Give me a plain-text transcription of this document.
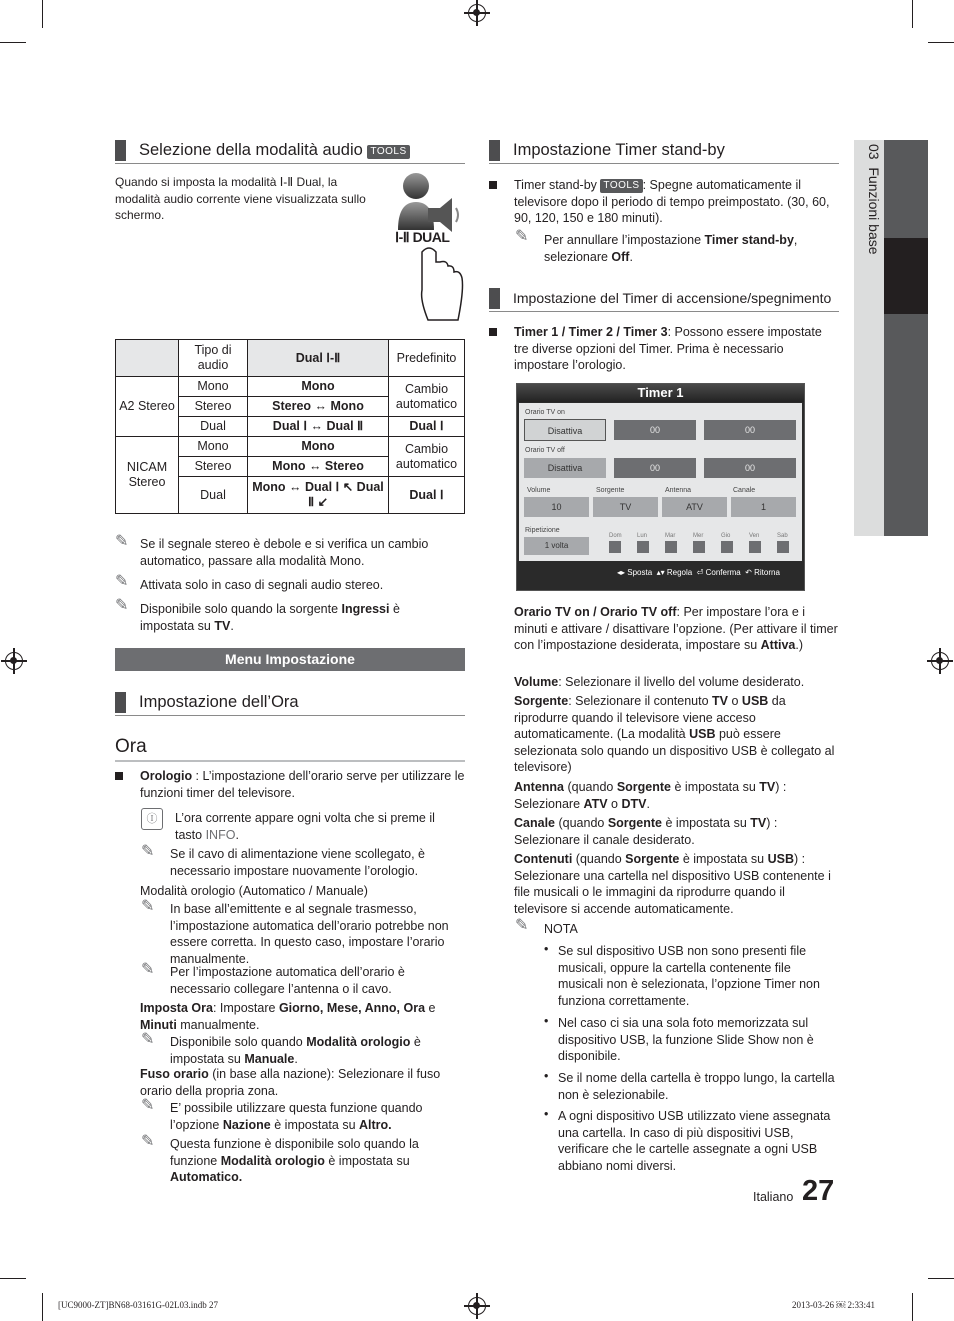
03  Funzioni base
Selezione della modalità audio TOOLS
Quando si imposta la modalità Ⅰ-Ⅱ Dual, la modalità audio corrente viene visualizzata sullo schermo.
Ⅰ-Ⅱ DUAL
	Tipo di audio	Dual Ⅰ-Ⅱ	Predefinito
A2 Stereo	Mono	Mono	Cambio automatico
	Stereo	Stereo ↔ Mono	
	Dual	Dual Ⅰ ↔ Dual Ⅱ	Dual Ⅰ
NICAM Stereo	Mono	Mono	Cambio automatico
	Stereo	Mono ↔ Stereo	
	Dual	Mono ↔ Dual Ⅰ ↖ Dual Ⅱ ↙	Dual Ⅰ
✎ Se il segnale stereo è debole e si verifica un cambio automatico, passare alla modalità Mono.
✎ Attivata solo in caso di segnali audio stereo.
✎ Disponibile solo quando la sorgente Ingressi è impostata su TV.
Menu Impostazione
Impostazione dell’Ora
Ora
Orologio : L’impostazione dell’orario serve per utilizzare le funzioni timer del televisore.
Ⓘ	L’ora corrente appare ogni volta che si preme il tasto INFO.
✎ Se il cavo di alimentazione viene scollegato, è necessario impostare nuovamente l’orologio.
Modalità orologio (Automatico / Manuale)
✎ In base all’emittente e al segnale trasmesso, l’impostazione automatica dell’orario potrebbe non essere corretta. In questo caso, impostare l’orario manualmente.
✎ Per l’impostazione automatica dell’orario è necessario collegare l’antenna o il cavo.
Imposta Ora: Impostare Giorno, Mese, Anno, Ora e Minuti manualmente.
✎ Disponibile solo quando Modalità orologio è impostata su Manuale.
Fuso orario (in base alla nazione): Selezionare il fuso orario della propria zona.
✎ E’ possibile utilizzare questa funzione quando l’opzione Nazione è impostata su Altro.
✎ Questa funzione è disponibile solo quando la funzione Modalità orologio è impostata su Automatico.
Impostazione Timer stand-by
Timer stand-by TOOLS : Spegne automaticamente il televisore dopo il periodo di tempo preimpostato. (30, 60, 90, 120, 150 e 180 minuti).
✎ Per annullare l’impostazione Timer stand-by, selezionare Off.
Impostazione del Timer di accensione/spegnimento
Timer 1 / Timer 2 / Timer 3: Possono essere impostate tre diverse opzioni del Timer. Prima è necessario impostare l’orologio.
Timer 1
Orario TV on
Disattiva	00	00
Orario TV off
Disattiva	00	00
Volume	Sorgente	Antenna	Canale
10	TV	ATV	1
Ripetizione
1 volta
Dom	Lun	Mar	Mer	Gio	Ven	Sab
◂▸ Sposta  ▴▾ Regola  ⏎ Conferma  ↶ Ritorna
Orario TV on / Orario TV off: Per impostare l’ora e i minuti e attivare / disattivare l’opzione. (Per attivare il timer con l’impostazione desiderata, impostare su Attiva.)
Volume: Selezionare il livello del volume desiderato.
Sorgente: Selezionare il contenuto TV o USB da riprodurre quando il televisore viene acceso automaticamente. (La modalità USB può essere selezionata solo quando un dispositivo USB è collegato al televisore)
Antenna (quando Sorgente è impostata su TV) : Selezionare ATV o DTV.
Canale (quando Sorgente è impostata su TV) : Selezionare il canale desiderato.
Contenuti (quando Sorgente è impostata su USB) : Selezionare una cartella nel dispositivo USB contenente i file musicali o le immagini da riprodurre quando il televisore si accende automaticamente.
✎ NOTA
• Se sul dispositivo USB non sono presenti file musicali, oppure la cartella contenente file musicali non è selezionata, l’opzione Timer non funziona correttamente.
• Nel caso ci sia una sola foto memorizzata sul dispositivo USB, la funzione Slide Show non è disponibile.
• Se il nome della cartella è troppo lungo, la cartella non è selezionabile.
• A ogni dispositivo USB utilizzato viene assegnata una cartella. In caso di più dispositivi USB, verificare che le cartelle assegnate a ogni USB abbiano nomi diversi.
Italiano 27
[UC9000-ZT]BN68-03161G-02L03.indb 27	2013-03-26 ￼ 2:33:41
